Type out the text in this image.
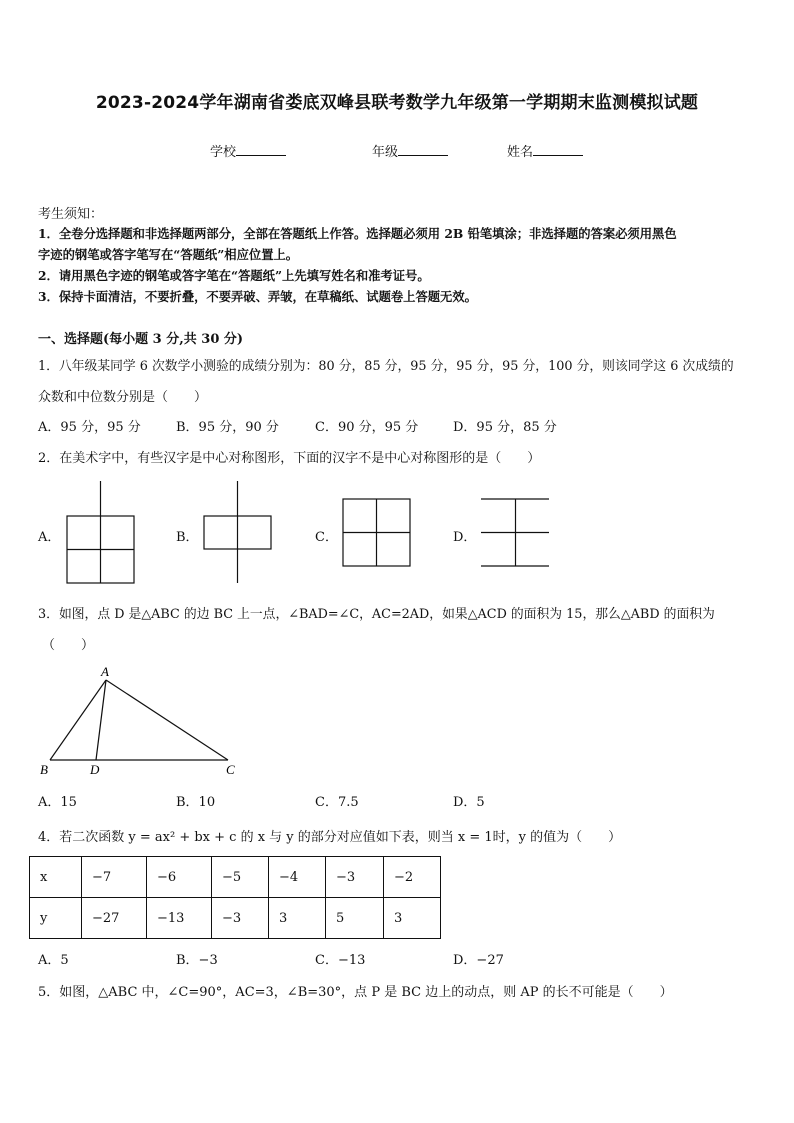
2023-2024学年湖南省娄底双峰县联考数学九年级第一学期期末监测模拟试题
学校	年级	姓名
考生须知：
1．全卷分选择题和非选择题两部分，全部在答题纸上作答。选择题必须用 2B 铅笔填涂；非选择题的答案必须用黑色
字迹的钢笔或答字笔写在“答题纸”相应位置上。
2．请用黑色字迹的钢笔或答字笔在“答题纸”上先填写姓名和准考证号。
3．保持卡面清洁，不要折叠，不要弄破、弄皱，在草稿纸、试题卷上答题无效。
一、选择题(每小题 3 分,共 30 分)
1．八年级某同学 6 次数学小测验的成绩分别为：80 分，85 分，95 分，95 分，95 分，100 分，则该同学这 6 次成绩的
众数和中位数分别是（　　）
A．95 分，95 分	B．95 分，90 分	C．90 分，95 分	D．95 分，85 分
2．在美术字中，有些汉字是中心对称图形，下面的汉字不是中心对称图形的是（　　）
A．	B．	C．	D．
3．如图，点 D 是△ABC 的边 BC 上一点，∠BAD=∠C，AC=2AD，如果△ACD 的面积为 15，那么△ABD 的面积为
（　　）
A
B	D	C
A．15	B．10	C．7.5	D．5
4．若二次函数 y = ax² + bx + c 的 x 与 y 的部分对应值如下表，则当 x = 1时，y 的值为（　　）
x	−7	−6	−5	−4	−3	−2
y	−27	−13	−3	3	5	3
A．5	B．−3	C．−13	D．−27
5．如图，△ABC 中，∠C=90°，AC=3，∠B=30°，点 P 是 BC 边上的动点，则 AP 的长不可能是（　　）
